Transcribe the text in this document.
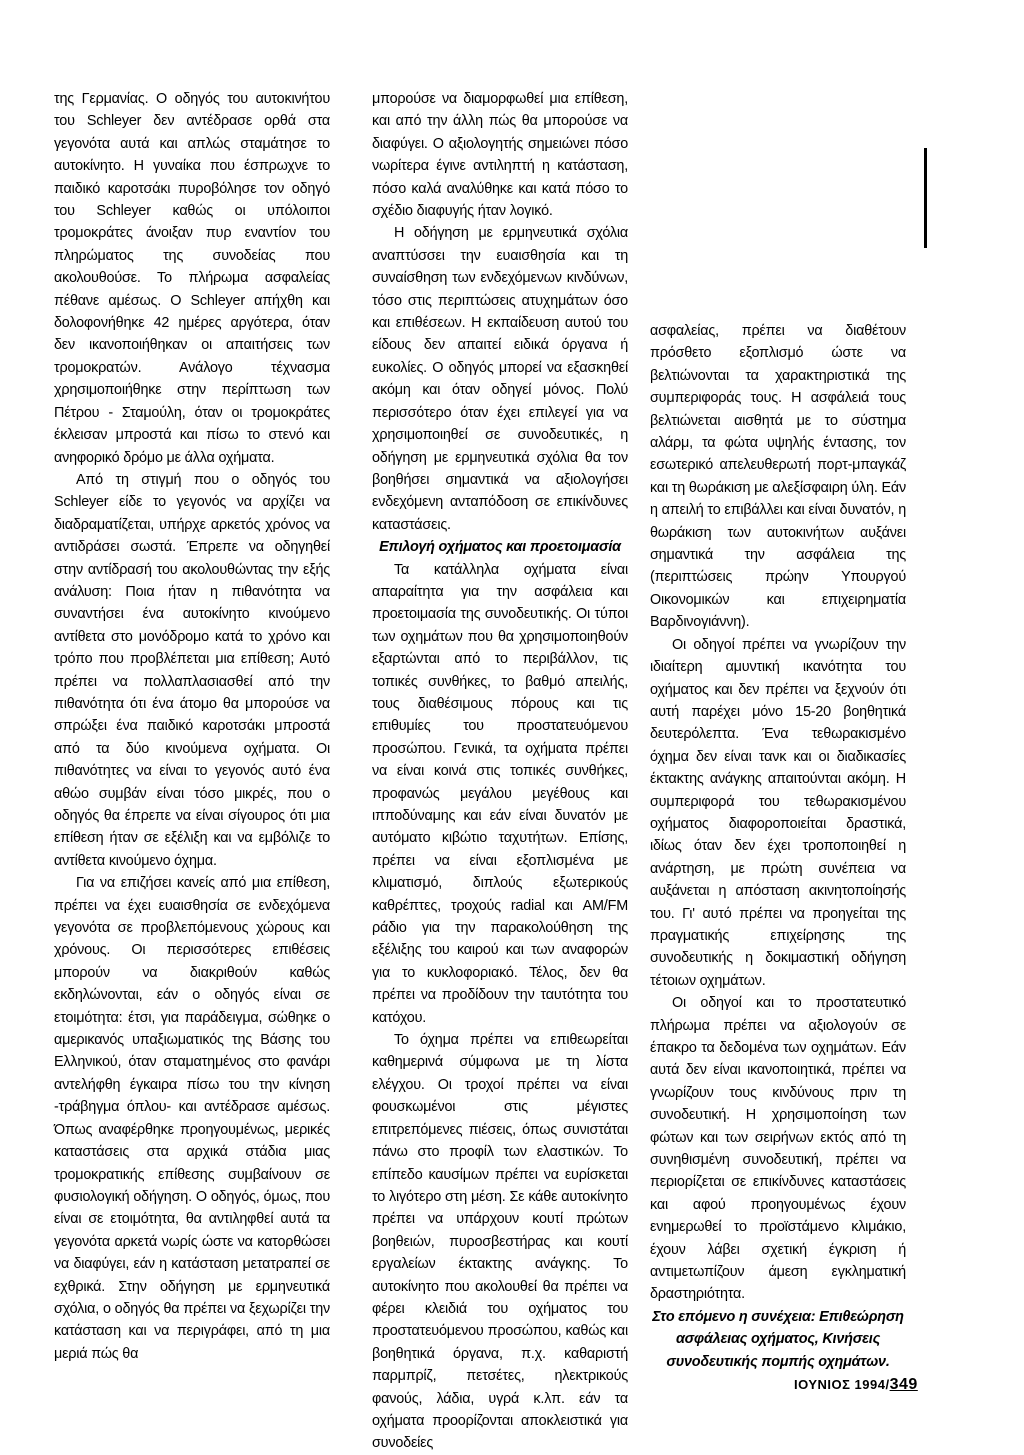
της Γερμανίας. Ο οδηγός του αυτοκινήτου του Schleyer δεν αντέδρασε ορθά στα γεγονότα αυτά και απλώς σταμάτησε το αυτοκίνητο. Η γυναίκα που έσπρωχνε το παιδικό καροτσάκι πυροβόλησε τον οδηγό του Schleyer καθώς οι υπόλοιποι τρομοκράτες άνοιξαν πυρ εναντίον του πληρώματος της συνοδείας που ακολουθούσε. Το πλήρωμα ασφαλείας πέθανε αμέσως. Ο Schleyer απήχθη και δολοφονήθηκε 42 ημέρες αργότερα, όταν δεν ικανοποιήθηκαν οι απαιτήσεις των τρομοκρατών. Ανάλογο τέχνασμα χρησιμοποιήθηκε στην περίπτωση των Πέτρου - Σταμούλη, όταν οι τρομοκράτες έκλεισαν μπροστά και πίσω το στενό και ανηφορικό δρόμο με άλλα οχήματα.

Από τη στιγμή που ο οδηγός του Schleyer είδε το γεγονός να αρχίζει να διαδραματίζεται, υπήρχε αρκετός χρόνος να αντιδράσει σωστά. Έπρεπε να οδηγηθεί στην αντίδρασή του ακολουθώντας την εξής ανάλυση: Ποια ήταν η πιθανότητα να συναντήσει ένα αυτοκίνητο κινούμενο αντίθετα στο μονόδρομο κατά το χρόνο και τρόπο που προβλέπεται μια επίθεση; Αυτό πρέπει να πολλαπλασιασθεί από την πιθανότητα ότι ένα άτομο θα μπορούσε να σπρώξει ένα παιδικό καροτσάκι μπροστά από τα δύο κινούμενα οχήματα. Οι πιθανότητες να είναι το γεγονός αυτό ένα αθώο συμβάν είναι τόσο μικρές, που ο οδηγός θα έπρεπε να είναι σίγουρος ότι μια επίθεση ήταν σε εξέλιξη και να εμβόλιζε το αντίθετα κινούμενο όχημα.

Για να επιζήσει κανείς από μια επίθεση, πρέπει να έχει ευαισθησία σε ενδεχόμενα γεγονότα σε προβλεπόμενους χώρους και χρόνους. Οι περισσότερες επιθέσεις μπορούν να διακριθούν καθώς εκδηλώνονται, εάν ο οδηγός είναι σε ετοιμότητα: έτσι, για παράδειγμα, σώθηκε ο αμερικανός υπαξιωματικός της Βάσης του Ελληνικού, όταν σταματημένος στο φανάρι αντελήφθη έγκαιρα πίσω του την κίνηση -τράβηγμα όπλου- και αντέδρασε αμέσως. Όπως αναφέρθηκε προηγουμένως, μερικές καταστάσεις στα αρχικά στάδια μιας τρομοκρατικής επίθεσης συμβαίνουν σε φυσιολογική οδήγηση. Ο οδηγός, όμως, που είναι σε ετοιμότητα, θα αντιληφθεί αυτά τα γεγονότα αρκετά νωρίς ώστε να κατορθώσει να διαφύγει, εάν η κατάσταση μετατραπεί σε εχθρικά. Στην οδήγηση με ερμηνευτικά σχόλια, ο οδηγός θα πρέπει να ξεχωρίζει την κατάσταση και να περιγράφει, από τη μια μεριά πώς θα

μπορούσε να διαμορφωθεί μια επίθεση, και από την άλλη πώς θα μπορούσε να διαφύγει. Ο αξιολογητής σημειώνει πόσο νωρίτερα έγινε αντιληπτή η κατάσταση, πόσο καλά αναλύθηκε και κατά πόσο το σχέδιο διαφυγής ήταν λογικό.

Η οδήγηση με ερμηνευτικά σχόλια αναπτύσσει την ευαισθησία και τη συναίσθηση των ενδεχόμενων κινδύνων, τόσο στις περιπτώσεις ατυχημάτων όσο και επιθέσεων. Η εκπαίδευση αυτού του είδους δεν απαιτεί ειδικά όργανα ή ευκολίες. Ο οδηγός μπορεί να εξασκηθεί ακόμη και όταν οδηγεί μόνος. Πολύ περισσότερο όταν έχει επιλεγεί για να χρησιμοποιηθεί σε συνοδευτικές, η οδήγηση με ερμηνευτικά σχόλια θα τον βοηθήσει σημαντικά να αξιολογήσει ενδεχόμενη ανταπόδοση σε επικίνδυνες καταστάσεις.

Επιλογή οχήματος και προετοιμασία

Τα κατάλληλα οχήματα είναι απαραίτητα για την ασφάλεια και προετοιμασία της συνοδευτικής. Οι τύποι των οχημάτων που θα χρησιμοποιηθούν εξαρτώνται από το περιβάλλον, τις τοπικές συνθήκες, το βαθμό απειλής, τους διαθέσιμους πόρους και τις επιθυμίες του προστατευόμενου προσώπου. Γενικά, τα οχήματα πρέπει να είναι κοινά στις τοπικές συνθήκες, προφανώς μεγάλου μεγέθους και ιπποδύναμης και εάν είναι δυνατόν με αυτόματο κιβώτιο ταχυτήτων. Επίσης, πρέπει να είναι εξοπλισμένα με κλιματισμό, διπλούς εξωτερικούς καθρέπτες, τροχούς radial και AM/FM ράδιο για την παρακολούθηση της εξέλιξης του καιρού και των αναφορών για το κυκλοφοριακό. Τέλος, δεν θα πρέπει να προδίδουν την ταυτότητα του κατόχου.

Το όχημα πρέπει να επιθεωρείται καθημερινά σύμφωνα με τη λίστα ελέγχου. Οι τροχοί πρέπει να είναι φουσκωμένοι στις μέγιστες επιτρεπόμενες πιέσεις, όπως συνιστάται πάνω στο προφίλ των ελαστικών. Το επίπεδο καυσίμων πρέπει να ευρίσκεται το λιγότερο στη μέση. Σε κάθε αυτοκίνητο πρέπει να υπάρχουν κουτί πρώτων βοηθειών, πυροσβεστήρας και κουτί εργαλείων έκτακτης ανάγκης. Το αυτοκίνητο που ακολουθεί θα πρέπει να φέρει κλειδιά του οχήματος του προστατευόμενου προσώπου, καθώς και βοηθητικά όργανα, π.χ. καθαριστή παρμπρίζ, πετσέτες, ηλεκτρικούς φανούς, λάδια, υγρά κ.λπ. εάν τα οχήματα προορίζονται αποκλειστικά για συνοδείες

ασφαλείας, πρέπει να διαθέτουν πρόσθετο εξοπλισμό ώστε να βελτιώνονται τα χαρακτηριστικά της συμπεριφοράς τους. Η ασφάλειά τους βελτιώνεται αισθητά με το σύστημα αλάρμ, τα φώτα υψηλής έντασης, τον εσωτερικό απελευθερωτή πορτ-μπαγκάζ και τη θωράκιση με αλεξίσφαιρη ύλη. Εάν η απειλή το επιβάλλει και είναι δυνατόν, η θωράκιση των αυτοκινήτων αυξάνει σημαντικά την ασφάλεια της (περιπτώσεις πρώην Υπουργού Οικονομικών και επιχειρηματία Βαρδινογιάννη).

Οι οδηγοί πρέπει να γνωρίζουν την ιδιαίτερη αμυντική ικανότητα του οχήματος και δεν πρέπει να ξεχνούν ότι αυτή παρέχει μόνο 15-20 βοηθητικά δευτερόλεπτα. Ένα τεθωρακισμένο όχημα δεν είναι τανκ και οι διαδικασίες έκτακτης ανάγκης απαιτούνται ακόμη. Η συμπεριφορά του τεθωρακισμένου οχήματος διαφοροποιείται δραστικά, ιδίως όταν δεν έχει τροποποιηθεί η ανάρτηση, με πρώτη συνέπεια να αυξάνεται η απόσταση ακινητοποίησής του. Γι' αυτό πρέπει να προηγείται της πραγματικής επιχείρησης της συνοδευτικής η δοκιμαστική οδήγηση τέτοιων οχημάτων.

Οι οδηγοί και το προστατευτικό πλήρωμα πρέπει να αξιολογούν σε έπακρο τα δεδομένα των οχημάτων. Εάν αυτά δεν είναι ικανοποιητικά, πρέπει να γνωρίζουν τους κινδύνους πριν τη συνοδευτική. Η χρησιμοποίηση των φώτων και των σειρήνων εκτός από τη συνηθισμένη συνοδευτική, πρέπει να περιορίζεται σε επικίνδυνες καταστάσεις και αφού προηγουμένως έχουν ενημερωθεί το προϊστάμενο κλιμάκιο, έχουν λάβει σχετική έγκριση ή αντιμετωπίζουν άμεση εγκληματική δραστηριότητα.

Στο επόμενο η συνέχεια: Επιθεώρηση ασφάλειας οχήματος, Κινήσεις συνοδευτικής πομπής οχημάτων.

ΙΟΥΝΙΟΣ 1994/349
